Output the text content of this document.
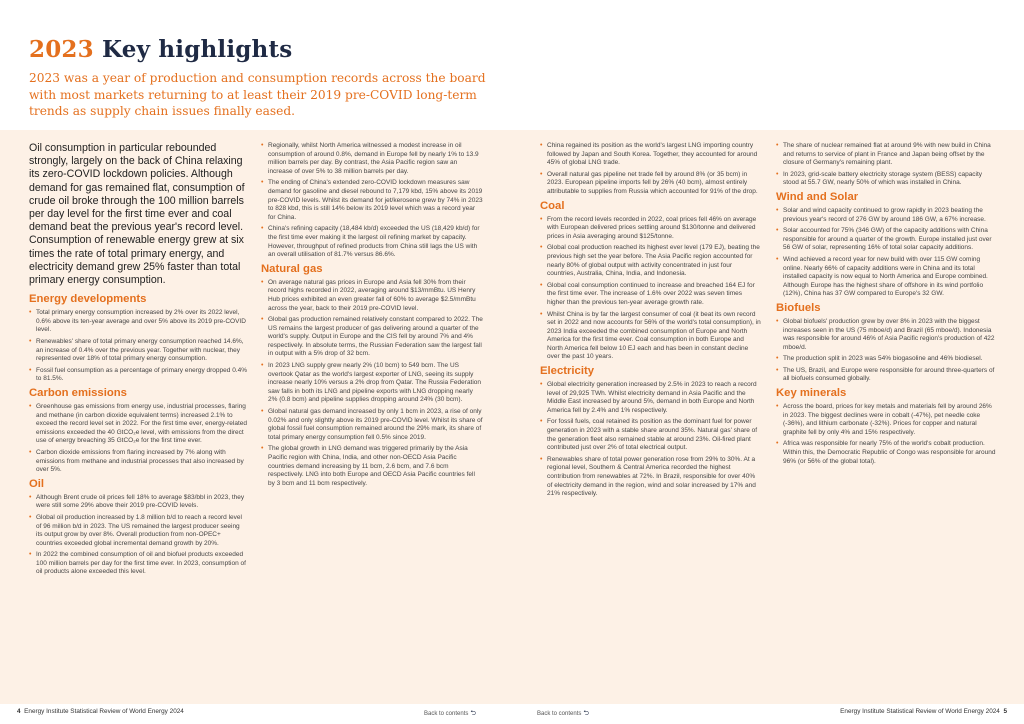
2023 Key highlights
2023 was a year of production and consumption records across the board with most markets returning to at least their 2019 pre-COVID long-term trends as supply chain issues finally eased.

Oil consumption in particular rebounded strongly, largely on the back of China relaxing its zero-COVID lockdown policies. Although demand for gas remained flat, consumption of crude oil broke through the 100 million barrels per day level for the first time ever and coal demand beat the previous year's record level. Consumption of renewable energy grew at six times the rate of total primary energy, and electricity demand grew 25% faster than total primary energy consumption.

Energy developments
• Total primary energy consumption increased by 2% over its 2022 level, 0.6% above its ten-year average and over 5% above its 2019 pre-COVID level.
• Renewables' share of total primary energy consumption reached 14.6%, an increase of 0.4% over the previous year. Together with nuclear, they represented over 18% of total primary energy consumption.
• Fossil fuel consumption as a percentage of primary energy dropped 0.4% to 81.5%.
Carbon emissions
• Greenhouse gas emissions from energy use, industrial processes, flaring and methane (in carbon dioxide equivalent terms) increased 2.1% to exceed the record level set in 2022. For the first time ever, energy-related emissions exceeded the 40 GtCO₂e level, with emissions from the direct use of energy breaching 35 GtCO₂e for the first time ever.
• Carbon dioxide emissions from flaring increased by 7% along with emissions from methane and industrial processes that also increased by over 5%.
Oil
• Although Brent crude oil prices fell 18% to average $83/bbl in 2023, they were still some 29% above their 2019 pre-COVID levels.
• Global oil production increased by 1.8 million b/d to reach a record level of 96 million b/d in 2023. The US remained the largest producer seeing its output grow by over 8%. Overall production from non-OPEC+ countries exceeded global incremental demand growth by 20%.
• In 2022 the combined consumption of oil and biofuel products exceeded 100 million barrels per day for the first time ever. In 2023, consumption of oil products alone exceeded this level.
• Regionally, whilst North America witnessed a modest increase in oil consumption of around 0.8%, demand in Europe fell by nearly 1% to 13.9 million barrels per day. By contrast, the Asia Pacific region saw an increase of over 5% to 38 million barrels per day.
• The ending of China's extended zero-COVID lockdown measures saw demand for gasoline and diesel rebound to 7,179 kbd, 15% above its 2019 pre-COVID levels. Whilst its demand for jet/kerosene grew by 74% in 2023 to 828 kbd, this is still 14% below its 2019 level which was a record year for China.
• China's refining capacity (18,484 kb/d) exceeded the US (18,429 kb/d) for the first time ever making it the largest oil refining market by capacity. However, throughput of refined products from China still lags the US with an overall utilisation of 81.7% versus 86.6%.
Natural gas
• On average natural gas prices in Europe and Asia fell 30% from their record highs recorded in 2022, averaging around $13/mmBtu. US Henry Hub prices exhibited an even greater fall of 60% to average $2.5/mmBtu across the year, back to their 2019 pre-COVID level.
• Global gas production remained relatively constant compared to 2022. The US remains the largest producer of gas delivering around a quarter of the world's supply. Output in Europe and the CIS fell by around 7% and 4% respectively. In absolute terms, the Russian Federation saw the largest fall in output with a 5% drop of 32 bcm.
• In 2023 LNG supply grew nearly 2% (10 bcm) to 549 bcm. The US overtook Qatar as the world's largest exporter of LNG, seeing its supply increase nearly 10% versus a 2% drop from Qatar. The Russia Federation saw falls in both its LNG and pipeline exports with LNG dropping nearly 2% (0.8 bcm) and pipeline supplies dropping around 24% (30 bcm).
• Global natural gas demand increased by only 1 bcm in 2023, a rise of only 0.02% and only slightly above its 2019 pre-COVID level. Whilst its share of global fossil fuel consumption remained around the 29% mark, its share of total primary energy consumption fell 0.5% since 2019.
• The global growth in LNG demand was triggered primarily by the Asia Pacific region with China, India, and other non-OECD Asia Pacific countries demand increasing by 11 bcm, 2.6 bcm, and 7.6 bcm respectively. LNG into both Europe and OECD Asia Pacific countries fell by 3 bcm and 11 bcm respectively.
• China regained its position as the world's largest LNG importing country followed by Japan and South Korea. Together, they accounted for around 45% of global LNG trade.
• Overall natural gas pipeline net trade fell by around 8% (or 35 bcm) in 2023. European pipeline imports fell by 26% (40 bcm), almost entirely attributable to supplies from Russia which accounted for 91% of the drop.
Coal
• From the record levels recorded in 2022, coal prices fell 46% on average with European delivered prices settling around $130/tonne and delivered prices in Asia averaging around $125/tonne.
• Global coal production reached its highest ever level (179 EJ), beating the previous high set the year before. The Asia Pacific region accounted for nearly 80% of global output with activity concentrated in just four countries, Australia, China, India, and Indonesia.
• Global coal consumption continued to increase and breached 164 EJ for the first time ever. The increase of 1.6% over 2022 was seven times higher than the previous ten-year average growth rate.
• Whilst China is by far the largest consumer of coal (it beat its own record set in 2022 and now accounts for 56% of the world's total consumption), in 2023 India exceeded the combined consumption of Europe and North America for the first time ever. Coal consumption in both Europe and North America fell below 10 EJ each and has been in constant decline over the past 10 years.
Electricity
• Global electricity generation increased by 2.5% in 2023 to reach a record level of 29,925 TWh. Whilst electricity demand in Asia Pacific and the Middle East increased by around 5%, demand in both Europe and North America fell by 2.4% and 1% respectively.
• For fossil fuels, coal retained its position as the dominant fuel for power generation in 2023 with a stable share around 35%. Natural gas' share of the generation fleet also remained stable at around 23%. Oil-fired plant contributed just over 2% of total electrical output.
• Renewables share of total power generation rose from 29% to 30%. At a regional level, Southern & Central America recorded the highest contribution from renewables at 72%. In Brazil, responsible for over 40% of electricity demand in the region, wind and solar increased by 17% and 21% respectively.
• The share of nuclear remained flat at around 9% with new build in China and returns to service of plant in France and Japan being offset by the closure of Germany's remaining plant.
• In 2023, grid-scale battery electricity storage system (BESS) capacity stood at 55.7 GW, nearly 50% of which was installed in China.
Wind and Solar
• Solar and wind capacity continued to grow rapidly in 2023 beating the previous year's record of 276 GW by around 186 GW, a 67% increase.
• Solar accounted for 75% (346 GW) of the capacity additions with China responsible for around a quarter of the growth. Europe installed just over 56 GW of solar, representing 16% of total solar capacity additions.
• Wind achieved a record year for new build with over 115 GW coming online. Nearly 66% of capacity additions were in China and its total installed capacity is now equal to North America and Europe combined. Although Europe has the highest share of offshore in its wind portfolio (12%), China has 37 GW compared to Europe's 32 GW.
Biofuels
• Global biofuels' production grew by over 8% in 2023 with the biggest increases seen in the US (75 mboe/d) and Brazil (65 mboe/d). Indonesia was responsible for around 46% of Asia Pacific region's production of 422 mboe/d.
• The production split in 2023 was 54% biogasoline and 46% biodiesel.
• The US, Brazil, and Europe were responsible for around three-quarters of all biofuels consumed globally.
Key minerals
• Across the board, prices for key metals and materials fell by around 26% in 2023. The biggest declines were in cobalt (-47%), pet needle coke (-36%), and lithium carbonate (-32%). Prices for copper and natural graphite fell by only 4% and 15% respectively.
• Africa was responsible for nearly 75% of the world's cobalt production. Within this, the Democratic Republic of Congo was responsible for around 96% (or 56% of the global total).
4 Energy Institute Statistical Review of World Energy 2024	Back to contents ⮌	Back to contents ⮌	Energy Institute Statistical Review of World Energy 2024 5
